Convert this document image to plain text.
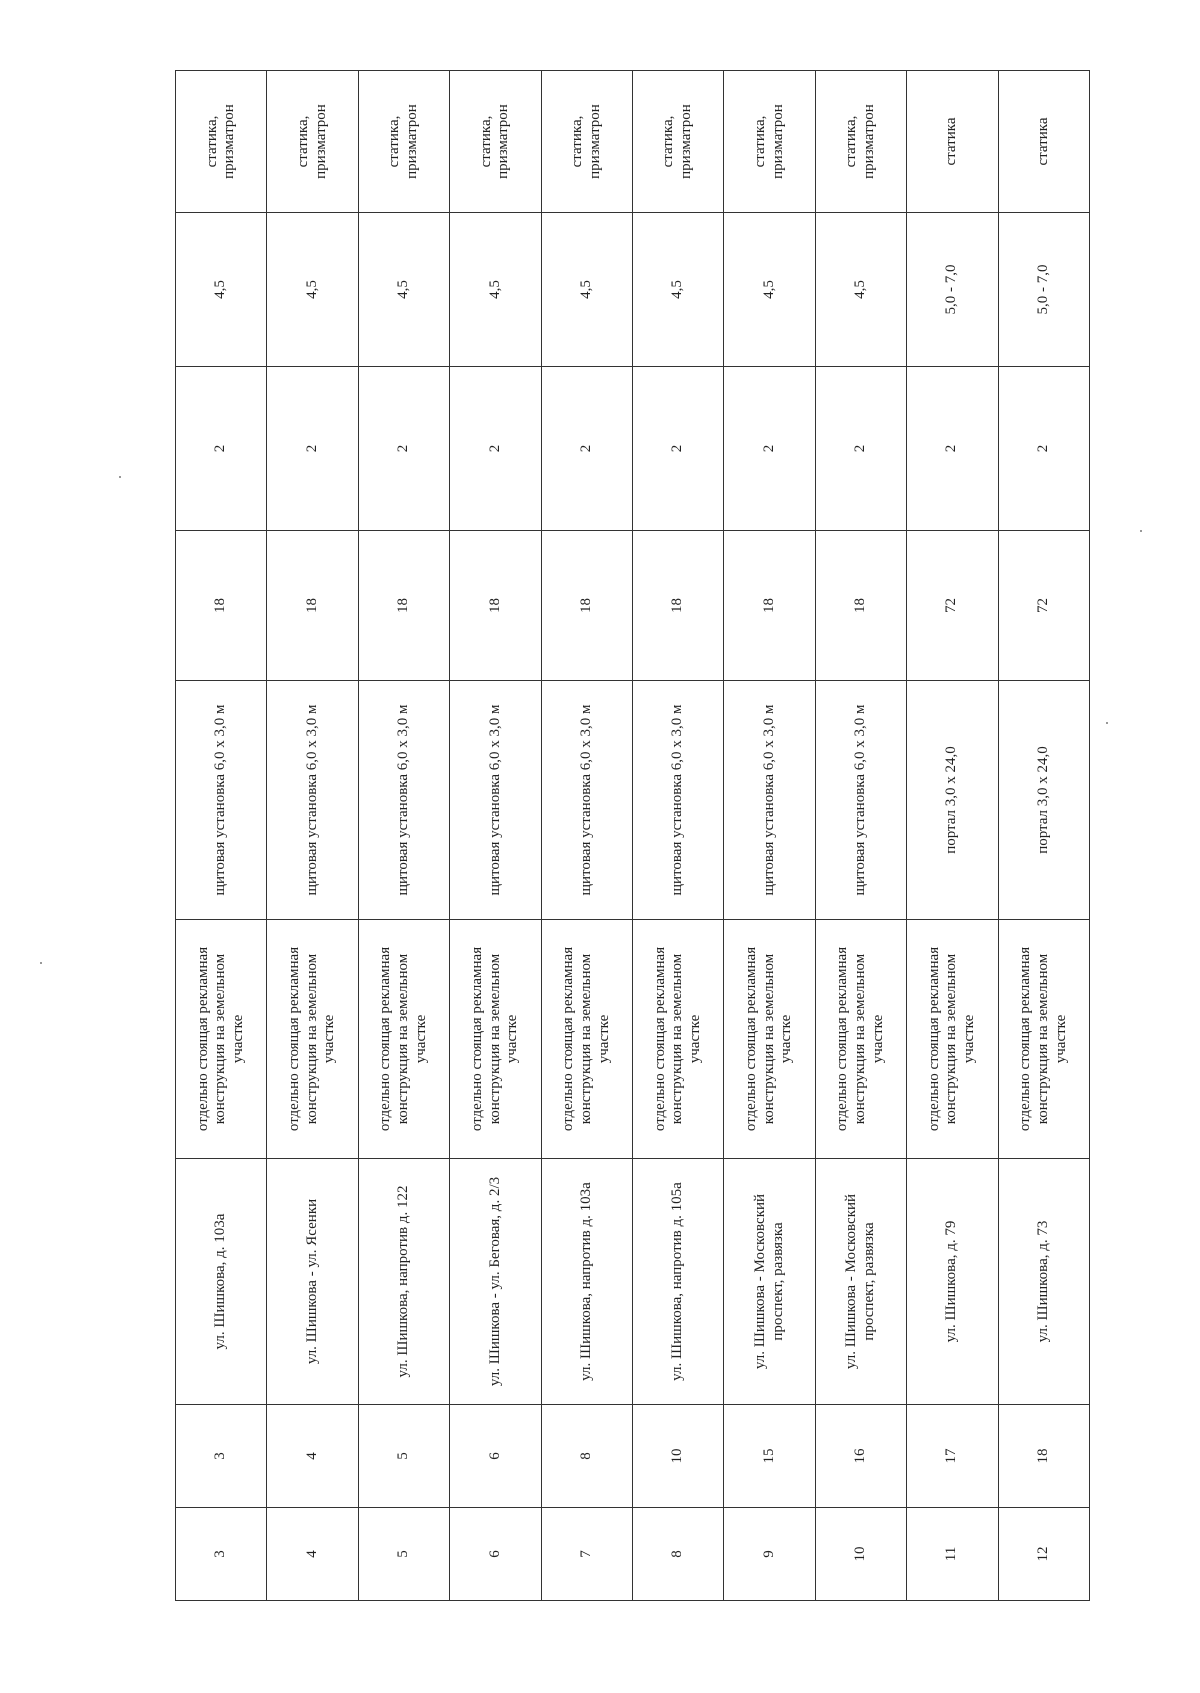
3	3	ул. Шишкова, д. 103а	отдельно стоящая рекламная конструкция на земельном участке	щитовая установка 6,0 х 3,0 м	18	2	4,5	статика, призматрон
4	4	ул. Шишкова - ул. Ясенки	отдельно стоящая рекламная конструкция на земельном участке	щитовая установка 6,0 х 3,0 м	18	2	4,5	статика, призматрон
5	5	ул. Шишкова, напротив д. 122	отдельно стоящая рекламная конструкция на земельном участке	щитовая установка 6,0 х 3,0 м	18	2	4,5	статика, призматрон
6	6	ул. Шишкова - ул. Беговая, д. 2/3	отдельно стоящая рекламная конструкция на земельном участке	щитовая установка 6,0 х 3,0 м	18	2	4,5	статика, призматрон
7	8	ул. Шишкова, напротив д. 103а	отдельно стоящая рекламная конструкция на земельном участке	щитовая установка 6,0 х 3,0 м	18	2	4,5	статика, призматрон
8	10	ул. Шишкова, напротив д. 105а	отдельно стоящая рекламная конструкция на земельном участке	щитовая установка 6,0 х 3,0 м	18	2	4,5	статика, призматрон
9	15	ул. Шишкова - Московский проспект, развязка	отдельно стоящая рекламная конструкция на земельном участке	щитовая установка 6,0 х 3,0 м	18	2	4,5	статика, призматрон
10	16	ул. Шишкова - Московский проспект, развязка	отдельно стоящая рекламная конструкция на земельном участке	щитовая установка 6,0 х 3,0 м	18	2	4,5	статика, призматрон
11	17	ул. Шишкова, д. 79	отдельно стоящая рекламная конструкция на земельном участке	портал 3,0 х 24,0	72	2	5,0 - 7,0	статика
12	18	ул. Шишкова, д. 73	отдельно стоящая рекламная конструкция на земельном участке	портал 3,0 х 24,0	72	2	5,0 - 7,0	статика
